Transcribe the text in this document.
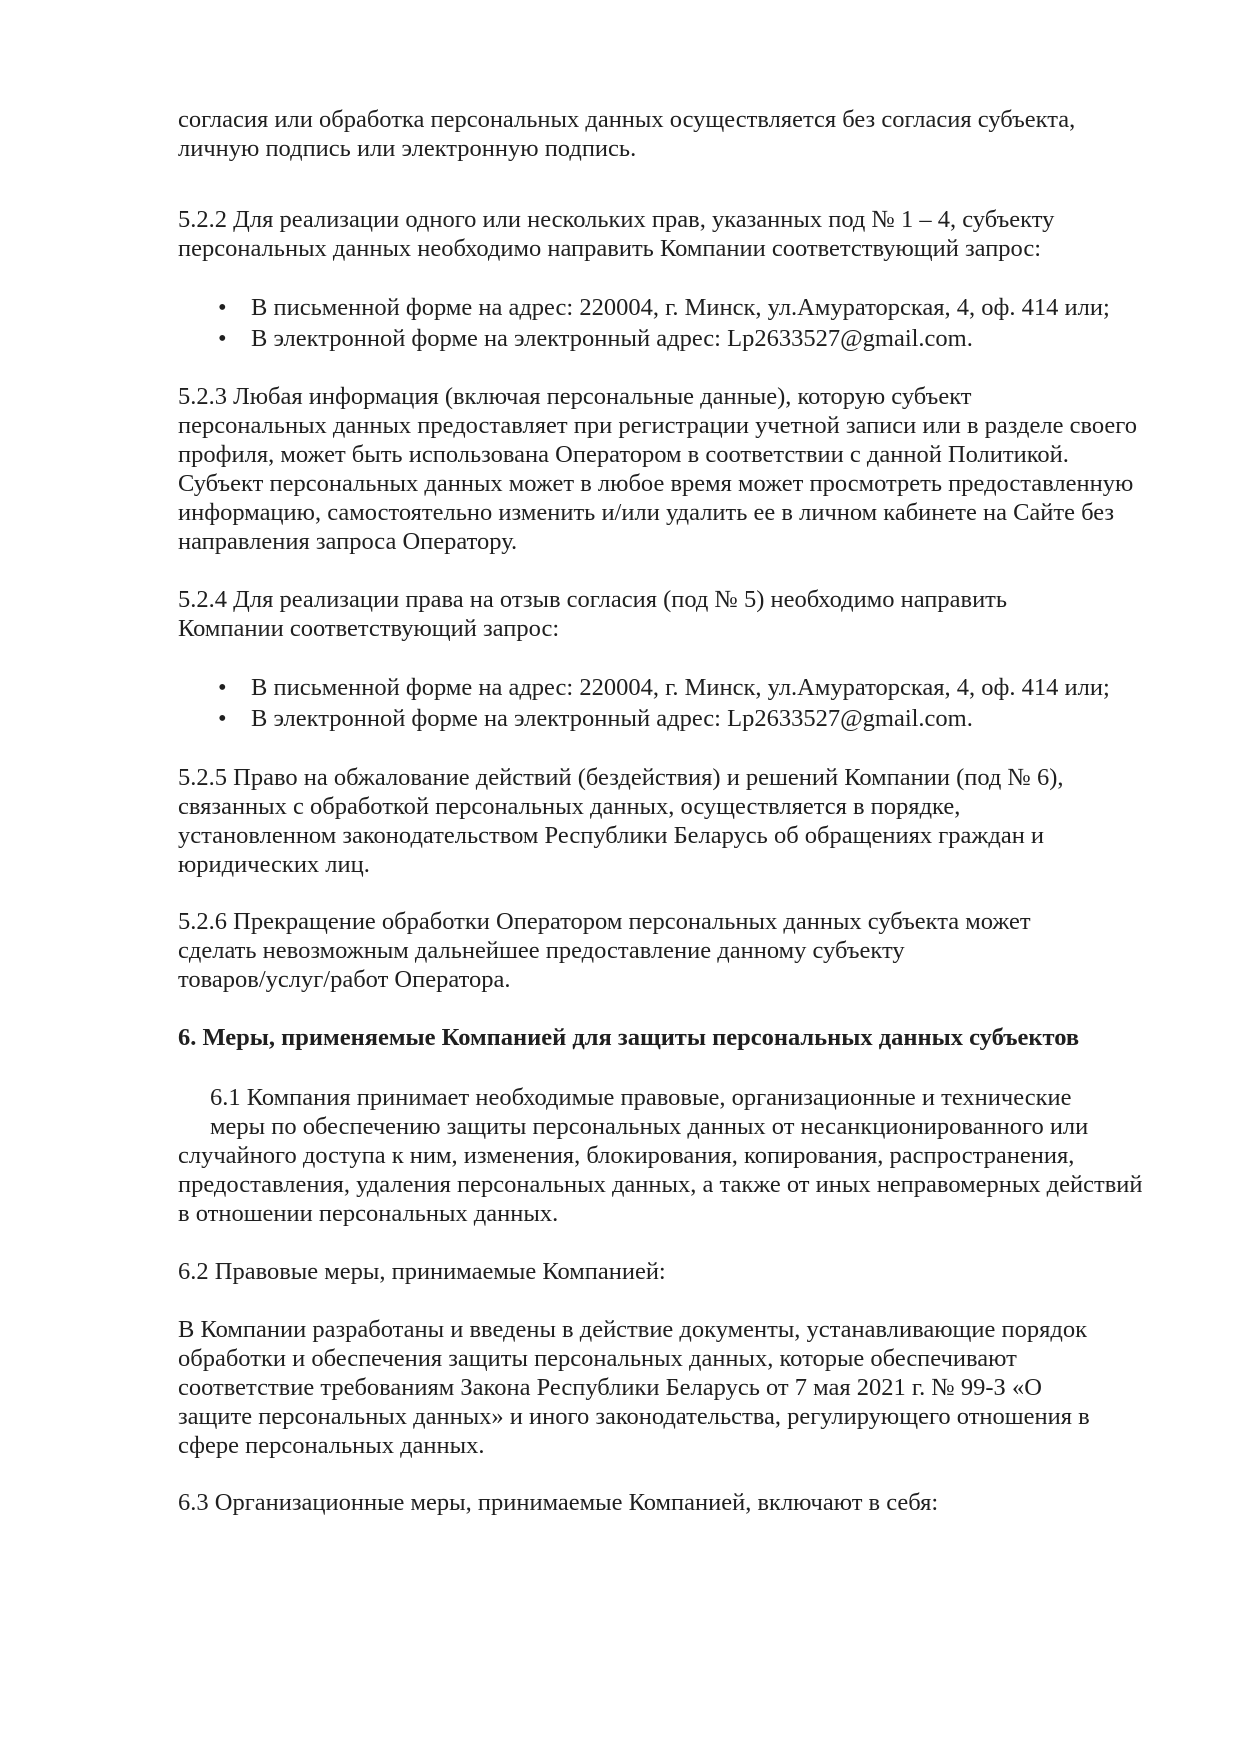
согласия или обработка персональных данных осуществляется без согласия субъекта,
личную подпись или электронную подпись.

5.2.2 Для реализации одного или нескольких прав, указанных под № 1 – 4, субъекту
персональных данных необходимо направить Компании соответствующий запрос:

• В письменной форме на адрес: 220004, г. Минск, ул.Амураторская, 4, оф. 414 или;
• В электронной форме на электронный адрес: Lp2633527@gmail.com.

5.2.3 Любая информация (включая персональные данные), которую субъект
персональных данных предоставляет при регистрации учетной записи или в разделе своего
профиля, может быть использована Оператором в соответствии с данной Политикой.
Субъект персональных данных может в любое время может просмотреть предоставленную
информацию, самостоятельно изменить и/или удалить ее в личном кабинете на Сайте без
направления запроса Оператору.

5.2.4 Для реализации права на отзыв согласия (под № 5) необходимо направить
Компании соответствующий запрос:

• В письменной форме на адрес: 220004, г. Минск, ул.Амураторская, 4, оф. 414 или;
• В электронной форме на электронный адрес: Lp2633527@gmail.com.

5.2.5 Право на обжалование действий (бездействия) и решений Компании (под № 6),
связанных с обработкой персональных данных, осуществляется в порядке,
установленном законодательством Республики Беларусь об обращениях граждан и
юридических лиц.

5.2.6 Прекращение обработки Оператором персональных данных субъекта может
сделать невозможным дальнейшее предоставление данному субъекту
товаров/услуг/работ Оператора.

6. Меры, применяемые Компанией для защиты персональных данных субъектов

6.1 Компания принимает необходимые правовые, организационные и технические
меры по обеспечению защиты персональных данных от несанкционированного или
случайного доступа к ним, изменения, блокирования, копирования, распространения,
предоставления, удаления персональных данных, а также от иных неправомерных действий
в отношении персональных данных.

6.2 Правовые меры, принимаемые Компанией:

В Компании разработаны и введены в действие документы, устанавливающие порядок
обработки и обеспечения защиты персональных данных, которые обеспечивают
соответствие требованиям Закона Республики Беларусь от 7 мая 2021 г. № 99-З «О
защите персональных данных» и иного законодательства, регулирующего отношения в
сфере персональных данных.

6.3 Организационные меры, принимаемые Компанией, включают в себя:
